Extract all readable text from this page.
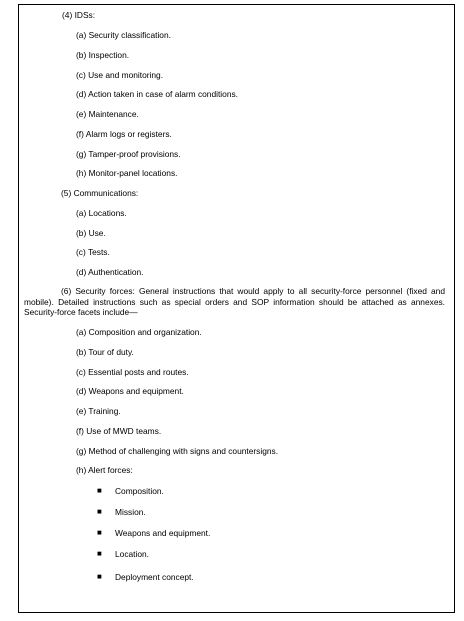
(4) IDSs:
(a) Security classification.
(b) Inspection.
(c) Use and monitoring.
(d) Action taken in case of alarm conditions.
(e) Maintenance.
(f) Alarm logs or registers.
(g) Tamper-proof provisions.
(h) Monitor-panel locations.
(5) Communications:
(a) Locations.
(b) Use.
(c) Tests.
(d) Authentication.
(6) Security forces: General instructions that would apply to all security-force personnel (fixed and mobile). Detailed instructions such as special orders and SOP information should be attached as annexes. Security-force facets include—
(a) Composition and organization.
(b) Tour of duty.
(c) Essential posts and routes.
(d) Weapons and equipment.
(e) Training.
(f) Use of MWD teams.
(g) Method of challenging with signs and countersigns.
(h) Alert forces:
■ Composition.
■ Mission.
■ Weapons and equipment.
■ Location.
■ Deployment concept.
